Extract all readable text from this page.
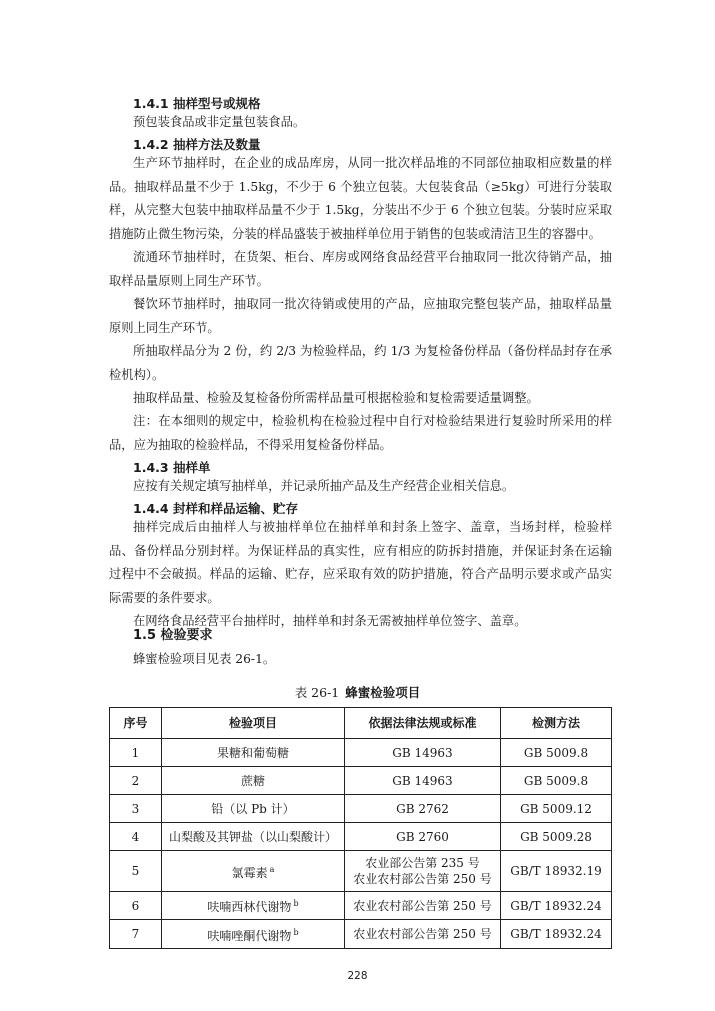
1.4.1 抽样型号或规格

预包装食品或非定量包装食品。

1.4.2 抽样方法及数量

生产环节抽样时，在企业的成品库房，从同一批次样品堆的不同部位抽取相应数量的样品。抽取样品量不少于 1.5kg，不少于 6 个独立包装。大包装食品（≥5kg）可进行分装取样，从完整大包装中抽取样品量不少于 1.5kg，分装出不少于 6 个独立包装。分装时应采取措施防止微生物污染，分装的样品盛装于被抽样单位用于销售的包装或清洁卫生的容器中。

流通环节抽样时，在货架、柜台、库房或网络食品经营平台抽取同一批次待销产品，抽取样品量原则上同生产环节。

餐饮环节抽样时，抽取同一批次待销或使用的产品，应抽取完整包装产品，抽取样品量原则上同生产环节。

所抽取样品分为 2 份，约 2/3 为检验样品，约 1/3 为复检备份样品（备份样品封存在承检机构）。

抽取样品量、检验及复检备份所需样品量可根据检验和复检需要适量调整。

注：在本细则的规定中，检验机构在检验过程中自行对检验结果进行复验时所采用的样品，应为抽取的检验样品，不得采用复检备份样品。

1.4.3 抽样单

应按有关规定填写抽样单，并记录所抽产品及生产经营企业相关信息。

1.4.4 封样和样品运输、贮存

抽样完成后由抽样人与被抽样单位在抽样单和封条上签字、盖章，当场封样，检验样品、备份样品分别封样。为保证样品的真实性，应有相应的防拆封措施，并保证封条在运输过程中不会破损。样品的运输、贮存，应采取有效的防护措施，符合产品明示要求或产品实际需要的条件要求。

在网络食品经营平台抽样时，抽样单和封条无需被抽样单位签字、盖章。

1.5 检验要求

蜂蜜检验项目见表 26-1。

表 26-1 蜂蜜检验项目
序号	检验项目	依据法律法规或标准	检测方法
1	果糖和葡萄糖	GB 14963	GB 5009.8
2	蔗糖	GB 14963	GB 5009.8
3	铅（以 Pb 计）	GB 2762	GB 5009.12
4	山梨酸及其钾盐（以山梨酸计）	GB 2760	GB 5009.28
5	氯霉素 $^a$	农业部公告第 235 号
农业农村部公告第 250 号	GB/T 18932.19
6	呋喃西林代谢物 $^b$	农业农村部公告第 250 号	GB/T 18932.24
7	呋喃唑酮代谢物 $^b$	农业农村部公告第 250 号	GB/T 18932.24
228
